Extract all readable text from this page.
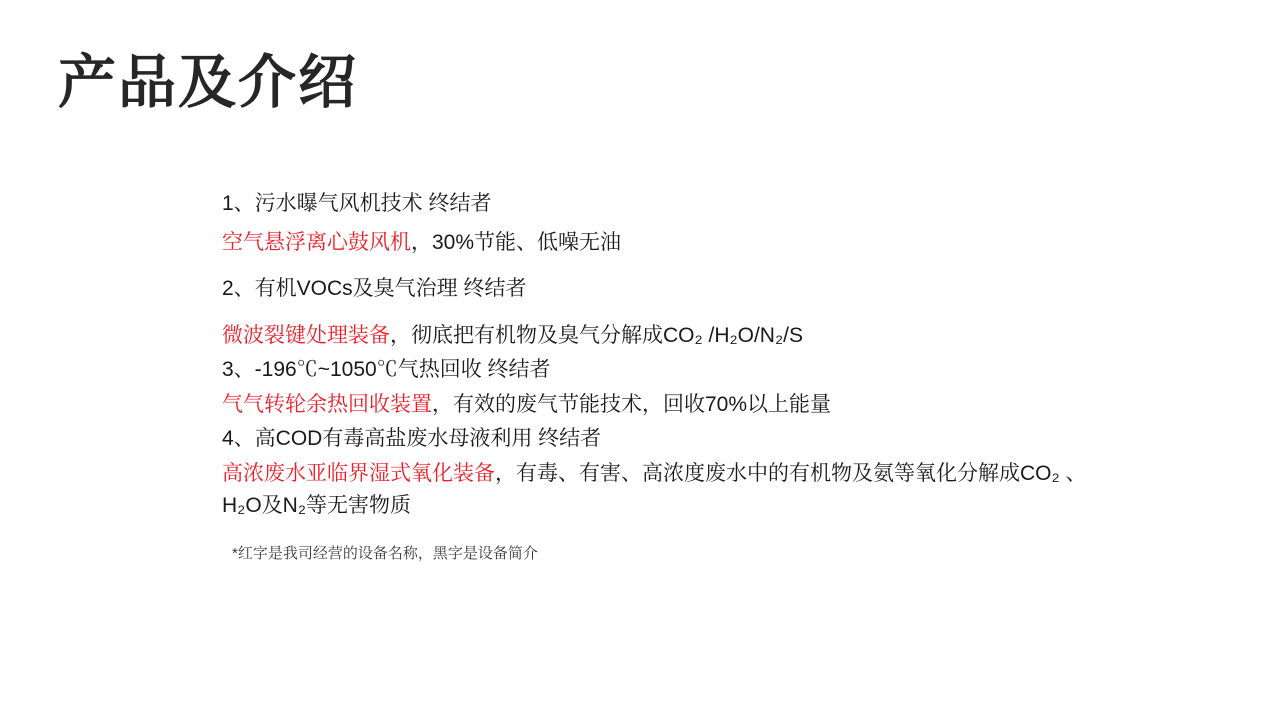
产品及介绍

1、污水曝气风机技术 终结者

空气悬浮离心鼓风机，30%节能、低噪无油

2、有机VOCs及臭气治理 终结者

微波裂键处理装备，彻底把有机物及臭气分解成CO₂ /H₂O/N₂/S

3、-196℃~1050℃气热回收 终结者

气气转轮余热回收装置，有效的废气节能技术，回收70%以上能量

4、高COD有毒高盐废水母液利用 终结者

高浓废水亚临界湿式氧化装备，有毒、有害、高浓度废水中的有机物及氨等氧化分解成CO₂ 、H₂O及N₂等无害物质

*红字是我司经营的设备名称，黑字是设备简介
